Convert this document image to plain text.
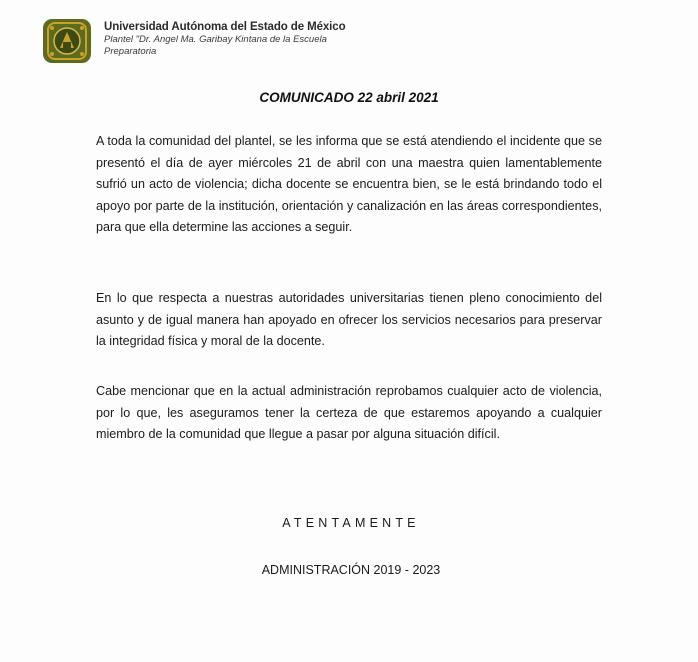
Universidad Autónoma del Estado de México
Plantel "Dr. Angel Ma. Garibay Kintana de la Escuela Preparatoria
COMUNICADO 22 abril 2021
A toda la comunidad del plantel, se les informa que se está atendiendo el incidente que se presentó el día de ayer miércoles 21 de abril con una maestra quien lamentablemente sufrió un acto de violencia; dicha docente se encuentra bien, se le está brindando todo el apoyo por parte de la institución, orientación y canalización en las áreas correspondientes, para que ella determine las acciones a seguir.
En lo que respecta a nuestras autoridades universitarias tienen pleno conocimiento del asunto y de igual manera han apoyado en ofrecer los servicios necesarios para preservar la integridad física y moral de la docente.
Cabe mencionar que en la actual administración reprobamos cualquier acto de violencia, por lo que, les aseguramos tener la certeza de que estaremos apoyando a cualquier miembro de la comunidad que llegue a pasar por alguna situación difícil.
ATENTAMENTE
ADMINISTRACIÓN 2019 - 2023
